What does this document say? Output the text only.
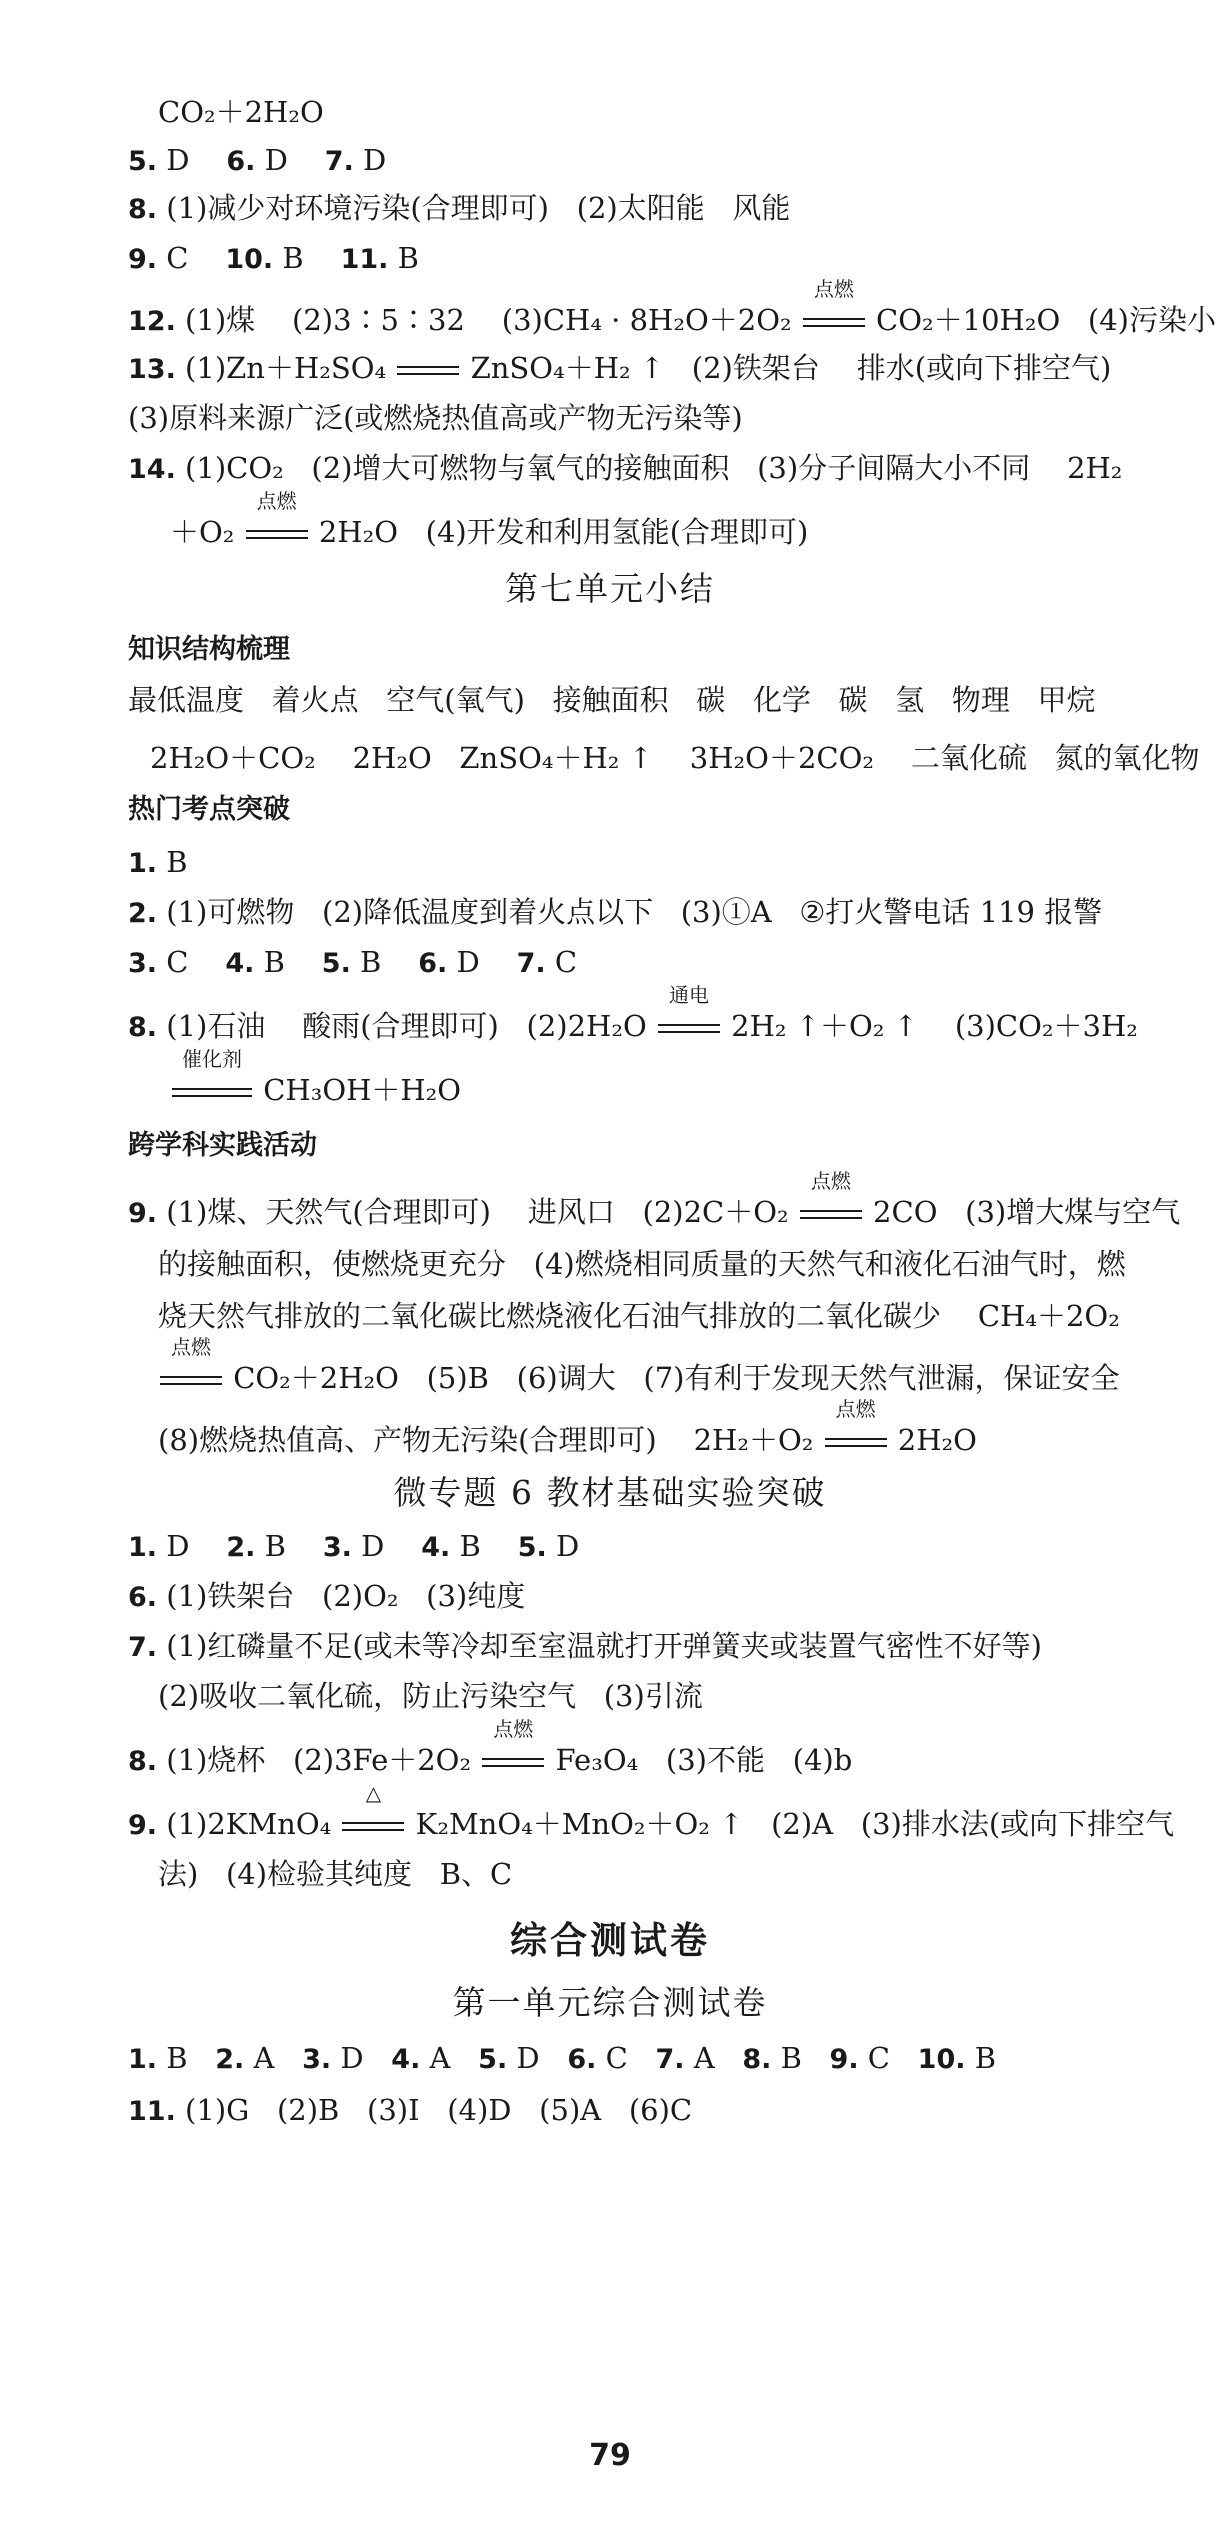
CO₂＋2H₂O
5. D    6. D    7. D
8. (1)减少对环境污染(合理即可)   (2)太阳能   风能
9. C    10. B    11. B
12. (1)煤    (2)3∶5∶32    (3)CH₄ · 8H₂O＋2O₂
点燃
CO₂＋10H₂O   (4)污染小
13. (1)Zn＋H₂SO₄  ZnSO₄＋H₂ ↑   (2)铁架台    排水(或向下排空气)
(3)原料来源广泛(或燃烧热值高或产物无污染等)
14. (1)CO₂   (2)增大可燃物与氧气的接触面积   (3)分子间隔大小不同    2H₂
＋O₂
点燃
2H₂O   (4)开发和利用氢能(合理即可)
第七单元小结
知识结构梳理
最低温度   着火点   空气(氧气)   接触面积   碳   化学   碳   氢   物理   甲烷
2H₂O＋CO₂    2H₂O   ZnSO₄＋H₂ ↑    3H₂O＋2CO₂    二氧化硫   氮的氧化物
热门考点突破
1. B
2. (1)可燃物   (2)降低温度到着火点以下   (3)①A   ②打火警电话 119 报警
3. C    4. B    5. B    6. D    7. C
8. (1)石油    酸雨(合理即可)   (2)2H₂O
通电
2H₂ ↑＋O₂ ↑    (3)CO₂＋3H₂
催化剂
CH₃OH＋H₂O
跨学科实践活动
9. (1)煤、天然气(合理即可)    进风口   (2)2C＋O₂
点燃
2CO   (3)增大煤与空气
的接触面积，使燃烧更充分   (4)燃烧相同质量的天然气和液化石油气时，燃
烧天然气排放的二氧化碳比燃烧液化石油气排放的二氧化碳少    CH₄＋2O₂
点燃
CO₂＋2H₂O   (5)B   (6)调大   (7)有利于发现天然气泄漏，保证安全
(8)燃烧热值高、产物无污染(合理即可)    2H₂＋O₂
点燃
2H₂O
微专题 6 教材基础实验突破
1. D    2. B    3. D    4. B    5. D
6. (1)铁架台   (2)O₂   (3)纯度
7. (1)红磷量不足(或未等冷却至室温就打开弹簧夹或装置气密性不好等)
(2)吸收二氧化硫，防止污染空气   (3)引流
8. (1)烧杯   (2)3Fe＋2O₂
点燃
Fe₃O₄   (3)不能   (4)b
9. (1)2KMnO₄
△
K₂MnO₄＋MnO₂＋O₂ ↑   (2)A   (3)排水法(或向下排空气
法)   (4)检验其纯度   B、C
综合测试卷
第一单元综合测试卷
1. B   2. A   3. D   4. A   5. D   6. C   7. A   8. B   9. C   10. B
11. (1)G   (2)B   (3)I   (4)D   (5)A   (6)C
79
